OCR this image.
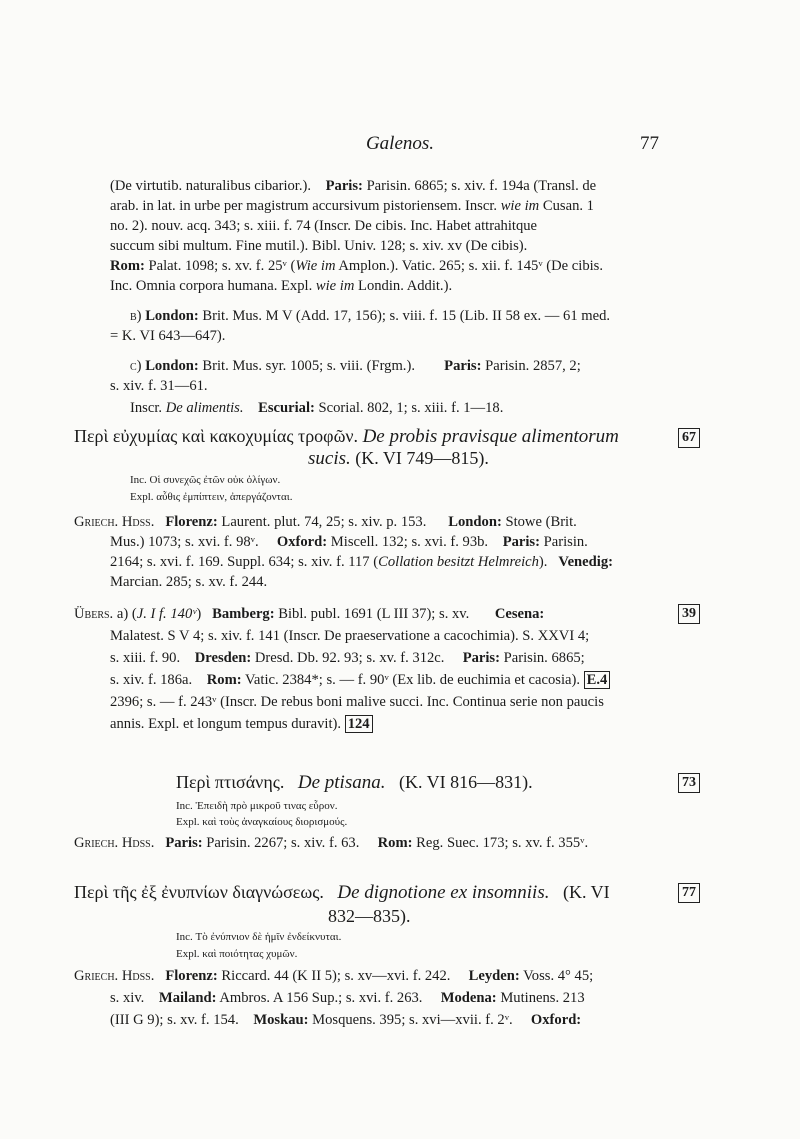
Galenos.	77
(De virtutib. naturalibus cibarior.). Paris: Parisin. 6865; s. xiv. f. 194a (Transl. de
arab. in lat. in urbe per magistrum accursivum pistoriensem. Inscr. wie im Cusan. 1
no. 2). nouv. acq. 343; s. xiii. f. 74 (Inscr. De cibis. Inc. Habet attrahitque
succum sibi multum. Fine mutil.). Bibl. Univ. 128; s. xiv. xv (De cibis).
Rom: Palat. 1098; s. xv. f. 25ᵛ (Wie im Amplon.). Vatic. 265; s. xii. f. 145ᵛ (De cibis.
Inc. Omnia corpora humana. Expl. wie im Londin. Addit.).
b) London: Brit. Mus. M V (Add. 17, 156); s. viii. f. 15 (Lib. II 58 ex. — 61 med.
= K. VI 643—647).
c) London: Brit. Mus. syr. 1005; s. viii. (Frgm.). Paris: Parisin. 2857, 2;
s. xiv. f. 31—61.
Inscr. De alimentis. Escurial: Scorial. 802, 1; s. xiii. f. 1—18.
Περὶ εὐχυμίας καὶ κακοχυμίας τροφῶν. De probis pravisque alimentorum	67
sucis. (K. VI 749—815).
Inc. Οἱ συνεχῶς ἐτῶν οὐκ ὀλίγων.
Expl. αὖθις ἐμπίπτειν, ἀπεργάζονται.
Griech. Hdss. Florenz: Laurent. plut. 74, 25; s. xiv. p. 153. London: Stowe (Brit.
Mus.) 1073; s. xvi. f. 98ᵛ. Oxford: Miscell. 132; s. xvi. f. 93b. Paris: Parisin.
2164; s. xvi. f. 169. Suppl. 634; s. xiv. f. 117 (Collation besitzt Helmreich). Venedig:
Marcian. 285; s. xv. f. 244.
Übers. a) (J. I f. 140ᵛ) Bamberg: Bibl. publ. 1691 (L III 37); s. xv. Cesena:	39
Malatest. S V 4; s. xiv. f. 141 (Inscr. De praeservatione a cacochimia). S. XXVI 4;
s. xiii. f. 90. Dresden: Dresd. Db. 92. 93; s. xv. f. 312c. Paris: Parisin. 6865;
s. xiv. f. 186a. Rom: Vatic. 2384*; s. — f. 90ᵛ (Ex lib. de euchimia et cacosia). E.4
2396; s. — f. 243ᵛ (Inscr. De rebus boni malive succi. Inc. Continua serie non paucis
annis. Expl. et longum tempus duravit). 124
Περὶ πτισάνης. De ptisana. (K. VI 816—831).	73
Inc. Ἐπειδὴ πρὸ μικροῦ τινας εὗρον.
Expl. καὶ τοὺς ἀναγκαίους διορισμούς.
Griech. Hdss. Paris: Parisin. 2267; s. xiv. f. 63. Rom: Reg. Suec. 173; s. xv. f. 355ᵛ.
Περὶ τῆς ἐξ ἐνυπνίων διαγνώσεως. De dignotione ex insomniis. (K. VI	77
832—835).
Inc. Τὸ ἐνύπνιον δὲ ἡμῖν ἐνδείκνυται.
Expl. καὶ ποιότητας χυμῶν.
Griech. Hdss. Florenz: Riccard. 44 (K II 5); s. xv—xvi. f. 242. Leyden: Voss. 4° 45;
s. xiv. Mailand: Ambros. A 156 Sup.; s. xvi. f. 263. Modena: Mutinens. 213
(III G 9); s. xv. f. 154. Moskau: Mosquens. 395; s. xvi—xvii. f. 2ᵛ. Oxford:
